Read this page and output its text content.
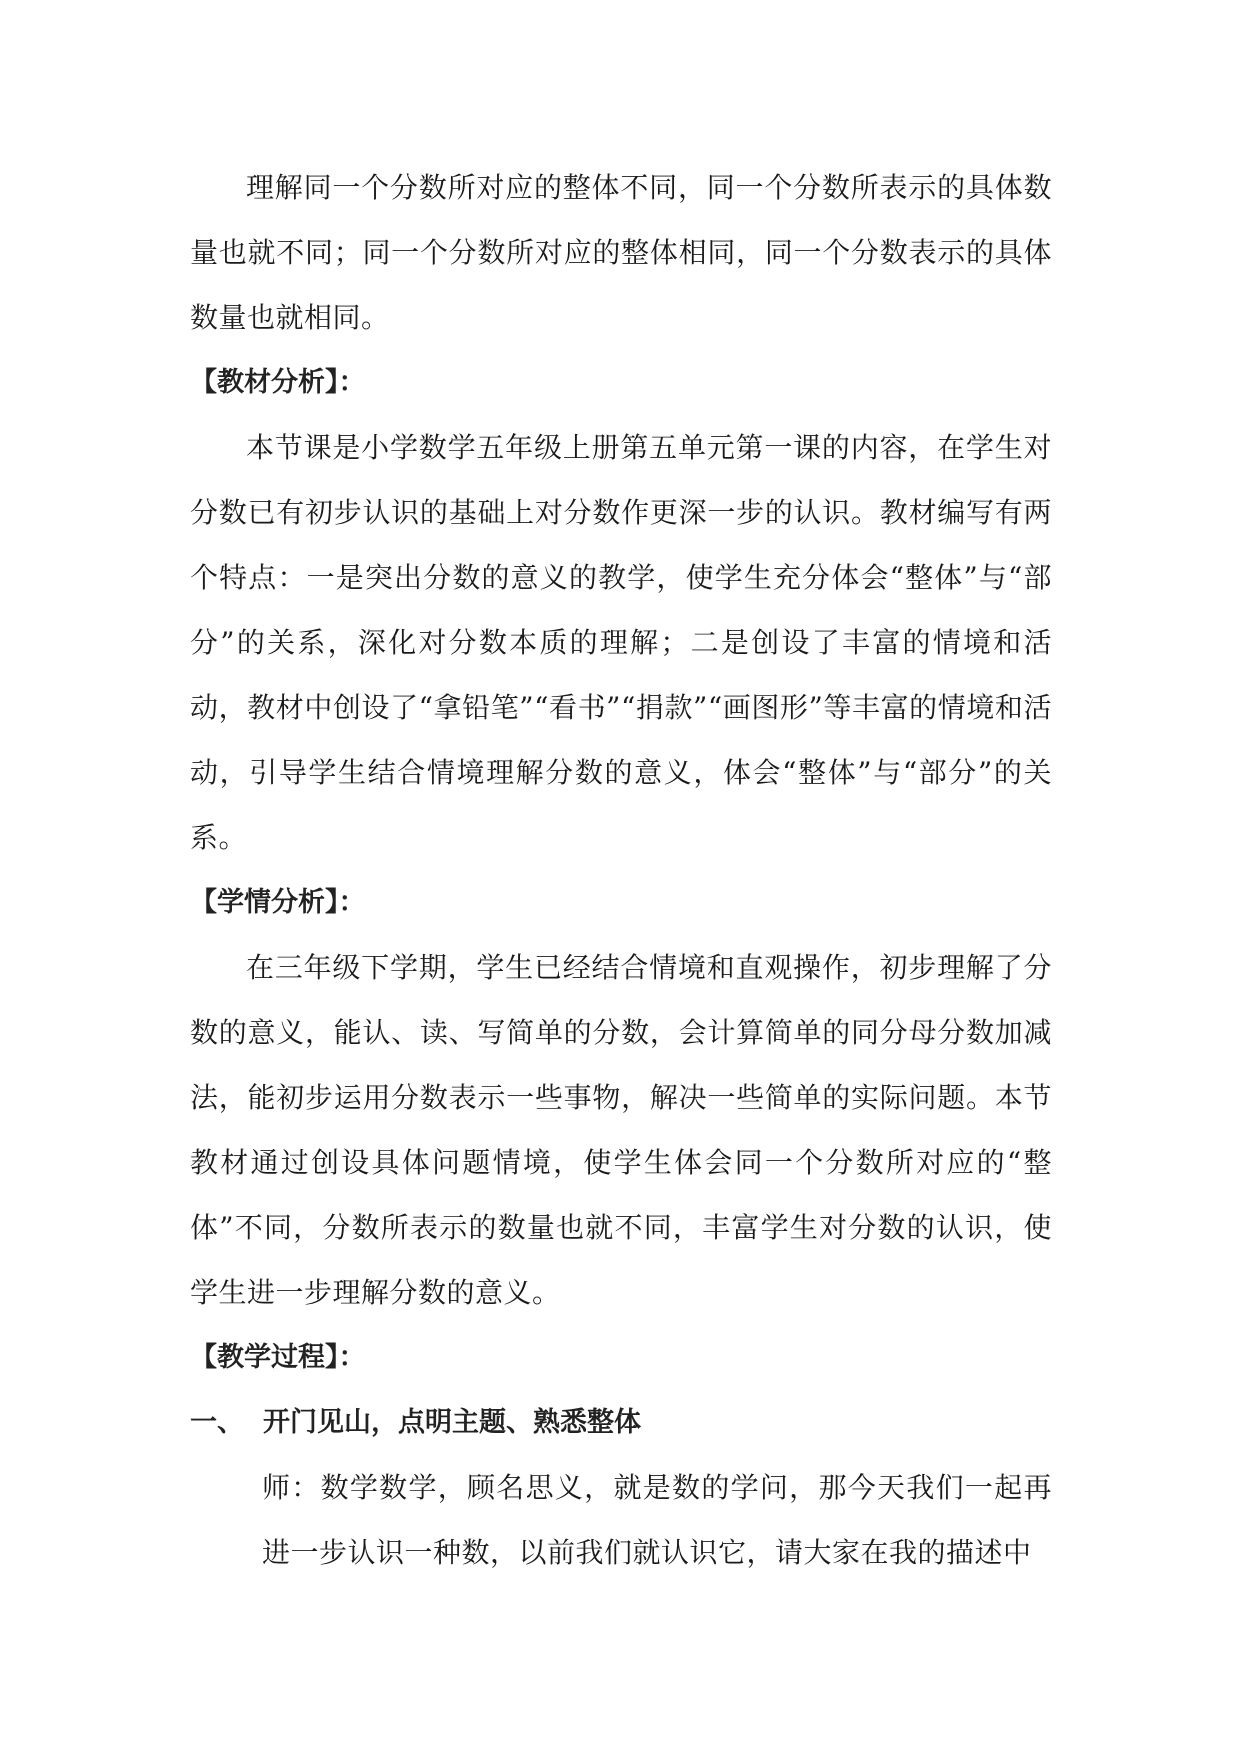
理解同一个分数所对应的整体不同，同一个分数所表示的具体数量也就不同；同一个分数所对应的整体相同，同一个分数表示的具体数量也就相同。

【教材分析】：

本节课是小学数学五年级上册第五单元第一课的内容，在学生对分数已有初步认识的基础上对分数作更深一步的认识。教材编写有两个特点：一是突出分数的意义的教学，使学生充分体会“整体”与“部分”的关系，深化对分数本质的理解；二是创设了丰富的情境和活动，教材中创设了“拿铅笔”“看书”“捐款”“画图形”等丰富的情境和活动，引导学生结合情境理解分数的意义，体会“整体”与“部分”的关系。

【学情分析】：

在三年级下学期，学生已经结合情境和直观操作，初步理解了分数的意义，能认、读、写简单的分数，会计算简单的同分母分数加减法，能初步运用分数表示一些事物，解决一些简单的实际问题。本节教材通过创设具体问题情境，使学生体会同一个分数所对应的“整体”不同，分数所表示的数量也就不同，丰富学生对分数的认识，使学生进一步理解分数的意义。

【教学过程】：

一、 开门见山，点明主题、熟悉整体

师：数学数学，顾名思义，就是数的学问，那今天我们一起再进一步认识一种数，以前我们就认识它，请大家在我的描述中
